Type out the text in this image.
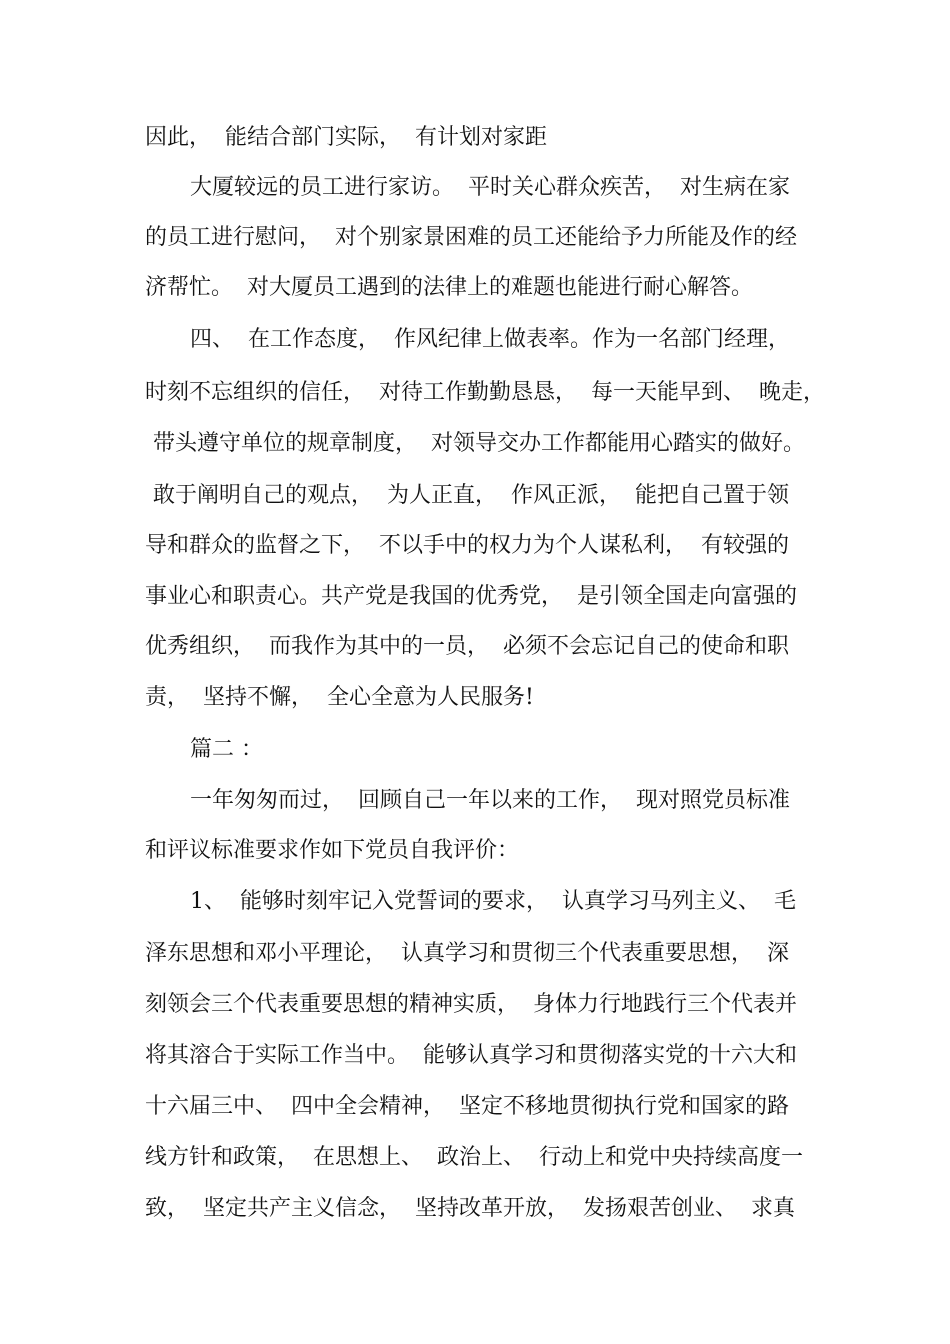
因此，  能结合部门实际，  有计划对家距
大厦较远的员工进行家访。  平时关心群众疾苦，  对生病在家
的员工进行慰问，  对个别家景困难的员工还能给予力所能及作的经
济帮忙。  对大厦员工遇到的法律上的难题也能进行耐心解答。
四、  在工作态度，  作风纪律上做表率。作为一名部门经理，
时刻不忘组织的信任，  对待工作勤勤恳恳，  每一天能早到、  晚走，
带头遵守单位的规章制度，  对领导交办工作都能用心踏实的做好。
敢于阐明自己的观点，  为人正直，  作风正派，  能把自己置于领
导和群众的监督之下，  不以手中的权力为个人谋私利，  有较强的
事业心和职责心。共产党是我国的优秀党，  是引领全国走向富强的
优秀组织，  而我作为其中的一员，  必须不会忘记自己的使命和职
责，  坚持不懈，  全心全意为人民服务!
篇二 ：
一年匆匆而过，  回顾自己一年以来的工作，  现对照党员标准
和评议标准要求作如下党员自我评价：
1、  能够时刻牢记入党誓词的要求，  认真学习马列主义、  毛
泽东思想和邓小平理论，  认真学习和贯彻三个代表重要思想，  深
刻领会三个代表重要思想的精神实质，  身体力行地践行三个代表并
将其溶合于实际工作当中。  能够认真学习和贯彻落实党的十六大和
十六届三中、  四中全会精神，  坚定不移地贯彻执行党和国家的路
线方针和政策，  在思想上、  政治上、  行动上和党中央持续高度一
致，  坚定共产主义信念，  坚持改革开放，  发扬艰苦创业、  求真
